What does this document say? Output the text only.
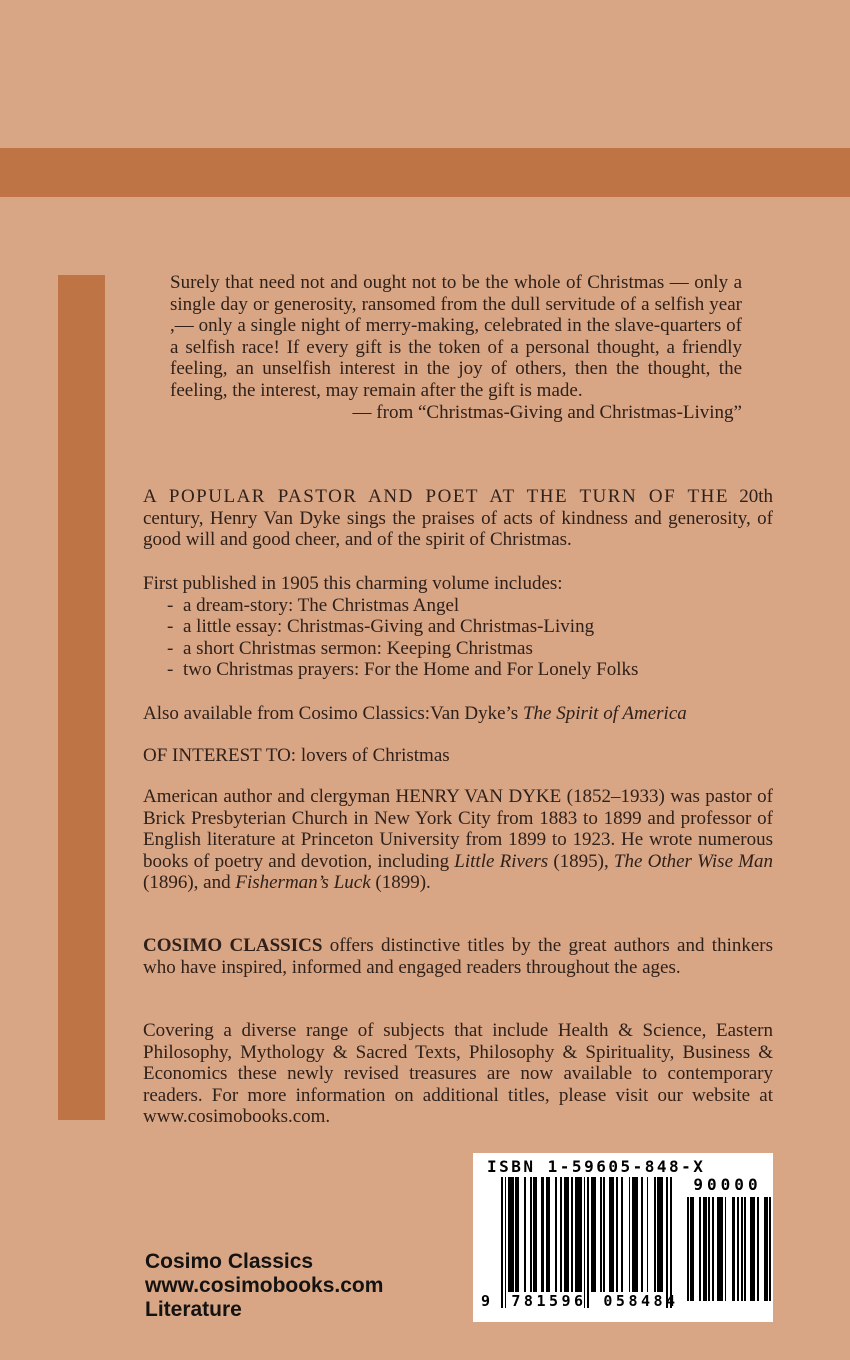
Surely that need not and ought not to be the whole of Christmas — only a single day or generosity, ransomed from the dull servitude of a selfish year ,— only a single night of merry-making, celebrated in the slave-quarters of a selfish race! If every gift is the token of a personal thought, a friendly feeling, an unselfish interest in the joy of others, then the thought, the feeling, the interest, may remain after the gift is made.

— from “Christmas-Giving and Christmas-Living”

A POPULAR PASTOR AND POET AT THE TURN OF THE 20th century, Henry Van Dyke sings the praises of acts of kindness and generosity, of good will and good cheer, and of the spirit of Christmas.

First published in 1905 this charming volume includes:

- a dream-story: The Christmas Angel
- a little essay: Christmas-Giving and Christmas-Living
- a short Christmas sermon: Keeping Christmas
- two Christmas prayers: For the Home and For Lonely Folks
Also available from Cosimo Classics:Van Dyke’s The Spirit of America
OF INTEREST TO: lovers of Christmas
American author and clergyman HENRY VAN DYKE (1852–1933) was pastor of Brick Presbyterian Church in New York City from 1883 to 1899 and professor of English literature at Princeton University from 1899 to 1923. He wrote numerous books of poetry and devotion, including Little Rivers (1895), The Other Wise Man (1896), and Fisherman’s Luck (1899).
COSIMO CLASSICS offers distinctive titles by the great authors and thinkers who have inspired, informed and engaged readers throughout the ages.
Covering a diverse range of subjects that include Health & Science, Eastern Philosophy, Mythology & Sacred Texts, Philosophy & Spirituality, Business & Economics these newly revised treasures are now available to contemporary readers. For more information on additional titles, please visit our website at www.cosimobooks.com.
ISBN 1-59605-848-X
90000
9 781596 058484
Cosimo Classics
www.cosimobooks.com
Literature
